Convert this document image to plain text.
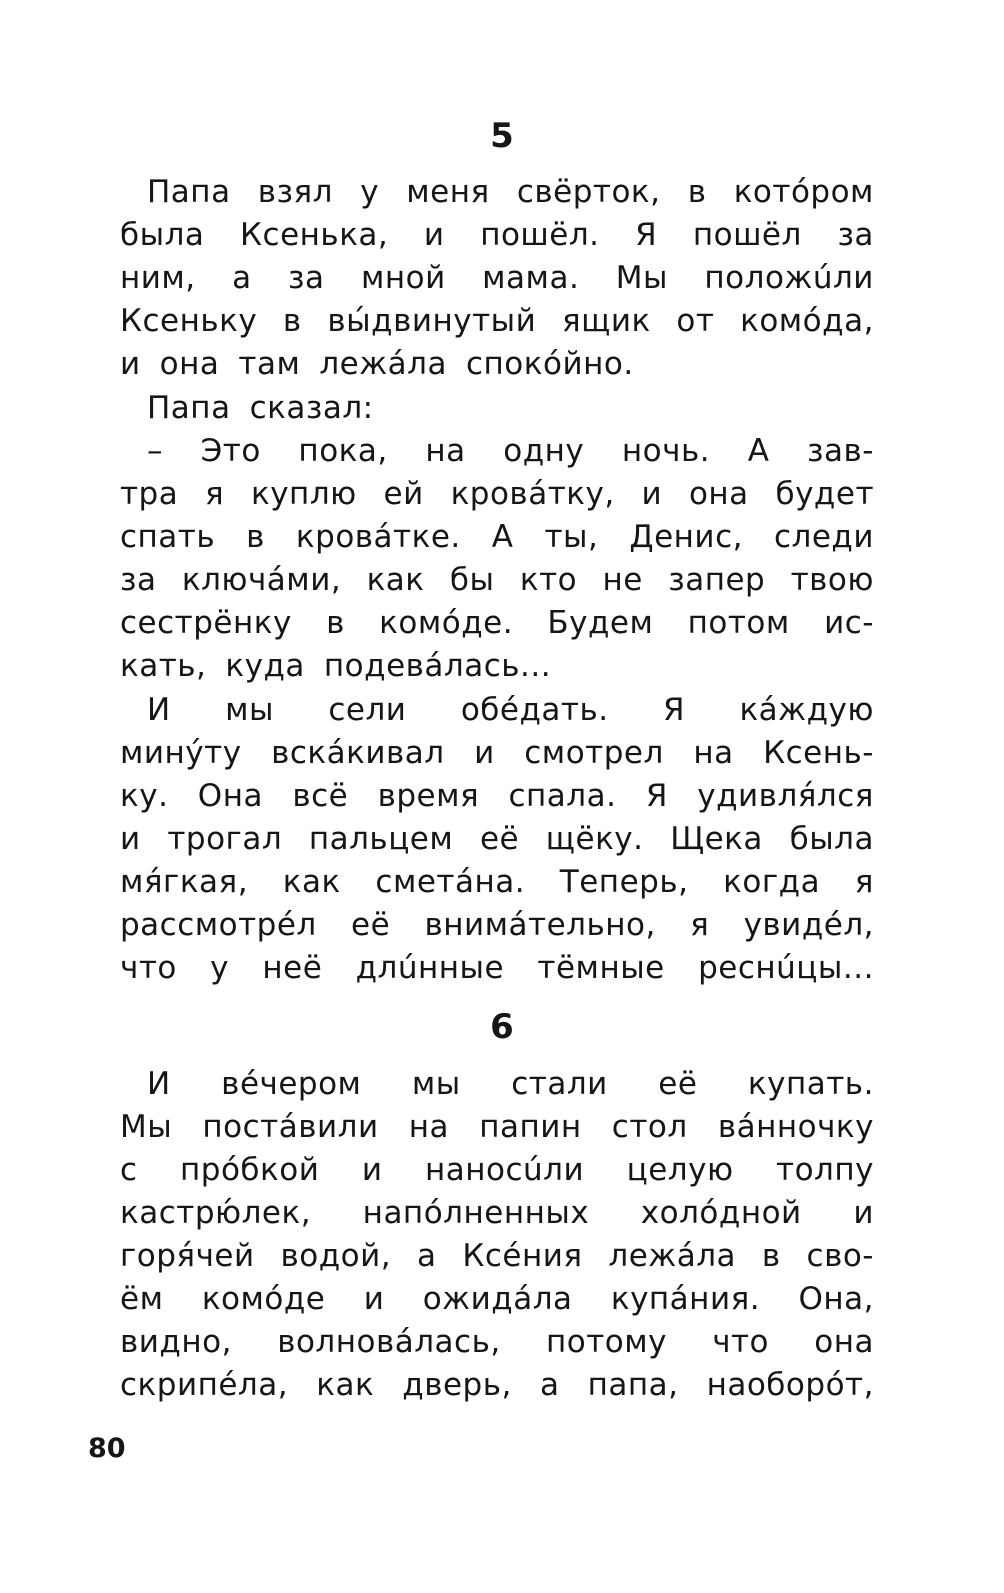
5
Папа взял у меня свёрток, в котóром
была Ксенька, и пошёл. Я пошёл за
ним, а за мной мама. Мы положúли
Ксеньку в вы́двинутый ящик от комóда,
и она там лежáла спокóйно.
Папа сказал:
– Это пока, на одну ночь. А зав-
тра я куплю ей кровáтку, и она будет
спать в кровáтке. А ты, Денис, следи
за ключáми, как бы кто не запер твою
сестрёнку в комóде. Будем потом ис-
кать, куда подевáлась...
И мы сели обéдать. Я кáждую
минýту вскáкивал и смотрел на Ксень-
ку. Она всё время спала. Я удивля́лся
и трогал пальцем её щёку. Щека была
мя́гкая, как сметáна. Теперь, когда я
рассмотрéл её внимáтельно, я увидéл,
что у неё длúнные тёмные реснúцы...
6
И вéчером мы стали её купать.
Мы постáвили на папин стол вáнночку
с прóбкой и наносúли целую толпу
кастрю́лек, напóлненных холóдной и
горя́чей водой, а Ксéния лежáла в сво-
ём комóде и ожидáла купáния. Она,
видно, волновáлась, потому что она
скрипéла, как дверь, а папа, наобoрóт,
80
